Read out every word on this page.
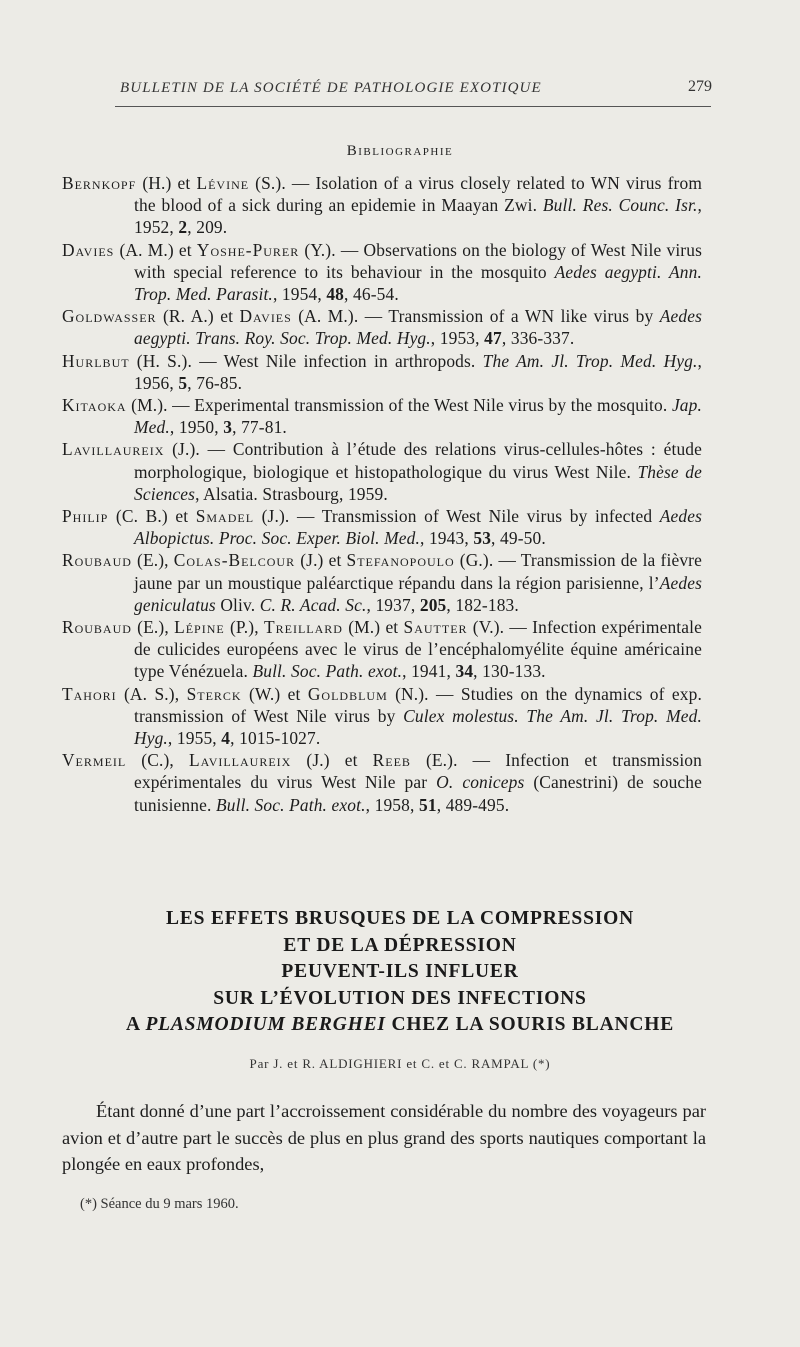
BULLETIN DE LA SOCIÉTÉ DE PATHOLOGIE EXOTIQUE	279
Bibliographie

Bernkopf (H.) et Lévine (S.). — Isolation of a virus closely related to WN virus from the blood of a sick during an epidemie in Maayan Zwi. Bull. Res. Counc. Isr., 1952, 2, 209.

Davies (A. M.) et Yoshe-Purer (Y.). — Observations on the biology of West Nile virus with special reference to its behaviour in the mosquito Aedes aegypti. Ann. Trop. Med. Parasit., 1954, 48, 46-54.

Goldwasser (R. A.) et Davies (A. M.). — Transmission of a WN like virus by Aedes aegypti. Trans. Roy. Soc. Trop. Med. Hyg., 1953, 47, 336-337.

Hurlbut (H. S.). — West Nile infection in arthropods. The Am. Jl. Trop. Med. Hyg., 1956, 5, 76-85.

Kitaoka (M.). — Experimental transmission of the West Nile virus by the mosquito. Jap. Med., 1950, 3, 77-81.

Lavillaureix (J.). — Contribution à l’étude des relations virus-cellules-hôtes : étude morphologique, biologique et histopathologique du virus West Nile. Thèse de Sciences, Alsatia. Strasbourg, 1959.

Philip (C. B.) et Smadel (J.). — Transmission of West Nile virus by infected Aedes Albopictus. Proc. Soc. Exper. Biol. Med., 1943, 53, 49-50.

Roubaud (E.), Colas-Belcour (J.) et Stefanopoulo (G.). — Transmission de la fièvre jaune par un moustique paléarctique répandu dans la région parisienne, l’Aedes geniculatus Oliv. C. R. Acad. Sc., 1937, 205, 182-183.

Roubaud (E.), Lépine (P.), Treillard (M.) et Sautter (V.). — Infection expérimentale de culicides européens avec le virus de l’encéphalomyélite équine américaine type Vénézuela. Bull. Soc. Path. exot., 1941, 34, 130-133.

Tahori (A. S.), Sterck (W.) et Goldblum (N.). — Studies on the dynamics of exp. transmission of West Nile virus by Culex molestus. The Am. Jl. Trop. Med. Hyg., 1955, 4, 1015-1027.

Vermeil (C.), Lavillaureix (J.) et Reeb (E.). — Infection et transmission expérimentales du virus West Nile par O. coniceps (Canestrini) de souche tunisienne. Bull. Soc. Path. exot., 1958, 51, 489-495.

LES EFFETS BRUSQUES DE LA COMPRESSION
ET DE LA DÉPRESSION
PEUVENT-ILS INFLUER
SUR L’ÉVOLUTION DES INFECTIONS
A PLASMODIUM BERGHEI CHEZ LA SOURIS BLANCHE
Par J. et R. ALDIGHIERI et C. et C. RAMPAL (*)

Étant donné d’une part l’accroissement considérable du nombre des voyageurs par avion et d’autre part le succès de plus en plus grand des sports nautiques comportant la plongée en eaux profondes,

(*) Séance du 9 mars 1960.
